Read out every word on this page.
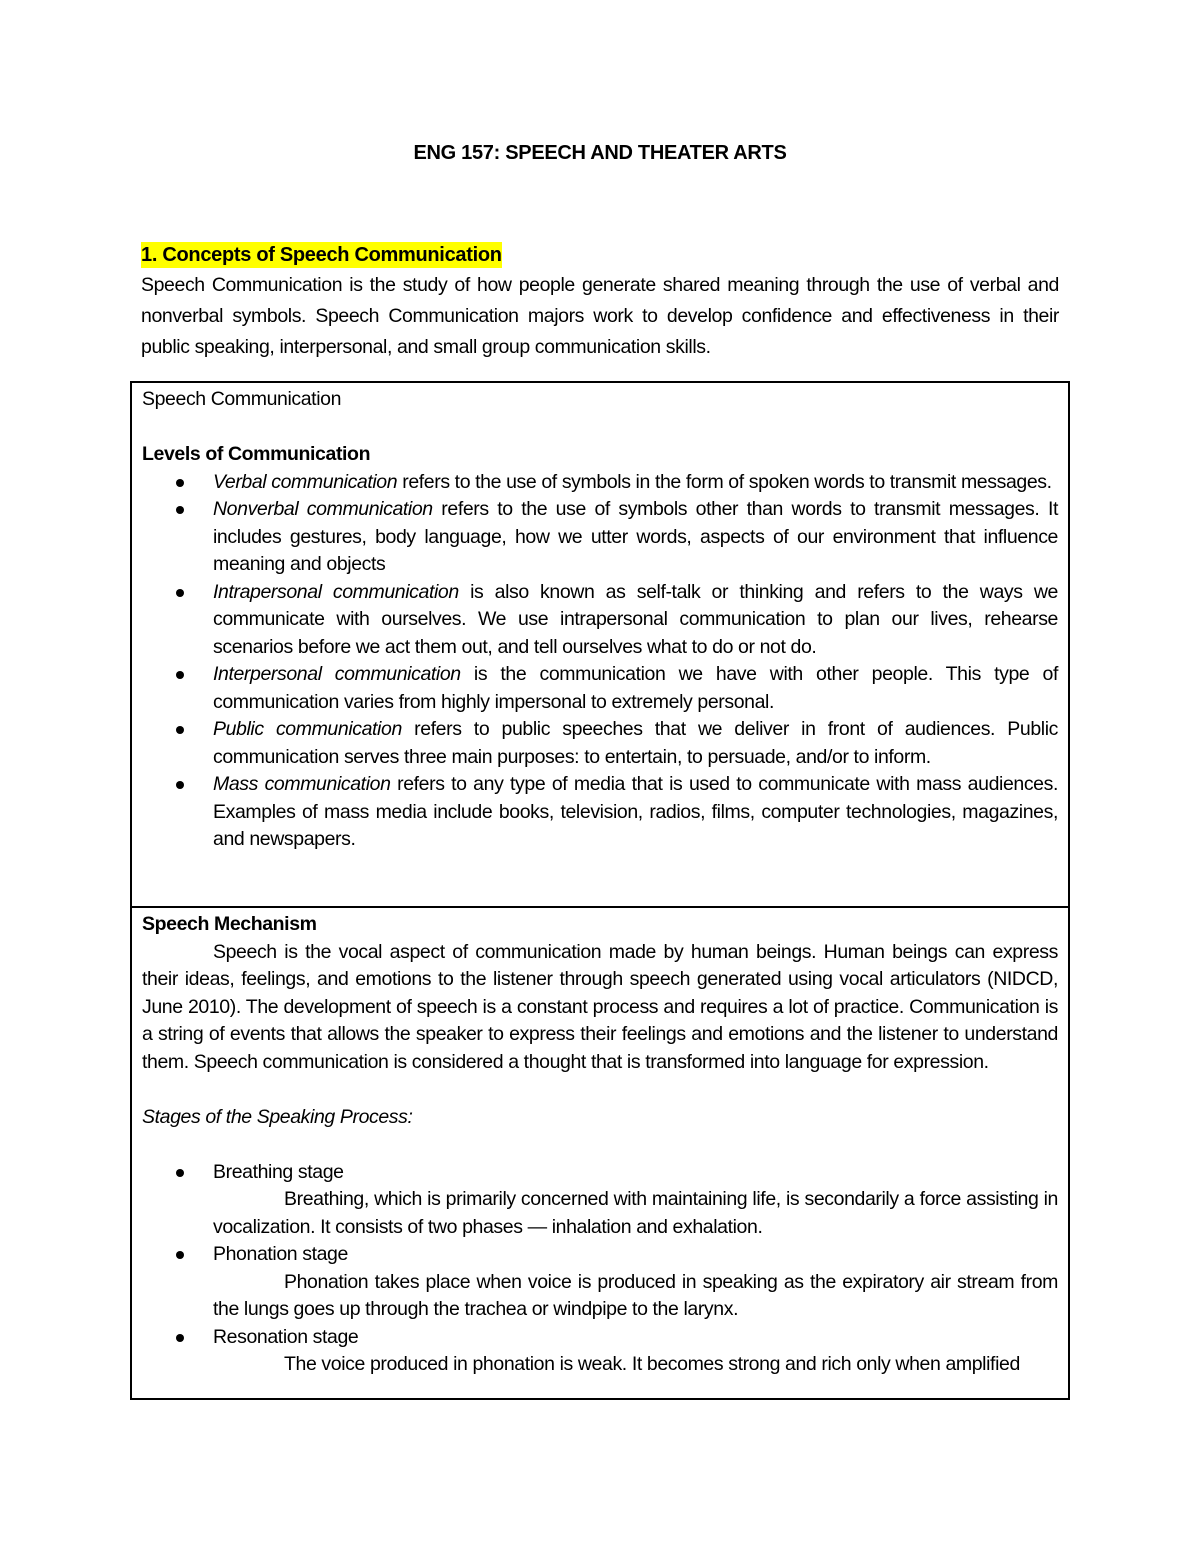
ENG 157: SPEECH AND THEATER ARTS
1. Concepts of Speech Communication

Speech Communication is the study of how people generate shared meaning through the use of verbal and nonverbal symbols. Speech Communication majors work to develop confidence and effectiveness in their public speaking, interpersonal, and small group communication skills.

Speech Communication

Levels of Communication

Verbal communication refers to the use of symbols in the form of spoken words to transmit messages.
Nonverbal communication refers to the use of symbols other than words to transmit messages. It includes gestures, body language, how we utter words, aspects of our environment that influence meaning and objects
Intrapersonal communication is also known as self-talk or thinking and refers to the ways we communicate with ourselves. We use intrapersonal communication to plan our lives, rehearse scenarios before we act them out, and tell ourselves what to do or not do.
Interpersonal communication is the communication we have with other people. This type of communication varies from highly impersonal to extremely personal.
Public communication refers to public speeches that we deliver in front of audiences. Public communication serves three main purposes: to entertain, to persuade, and/or to inform.
Mass communication refers to any type of media that is used to communicate with mass audiences. Examples of mass media include books, television, radios, films, computer technologies, magazines, and newspapers.

Speech Mechanism

Speech is the vocal aspect of communication made by human beings. Human beings can express their ideas, feelings, and emotions to the listener through speech generated using vocal articulators (NIDCD, June 2010). The development of speech is a constant process and requires a lot of practice. Communication is a string of events that allows the speaker to express their feelings and emotions and the listener to understand them. Speech communication is considered a thought that is transformed into language for expression.

Stages of the Speaking Process:

Breathing stage
Breathing, which is primarily concerned with maintaining life, is secondarily a force assisting in vocalization. It consists of two phases — inhalation and exhalation.
Phonation stage
Phonation takes place when voice is produced in speaking as the expiratory air stream from the lungs goes up through the trachea or windpipe to the larynx.
Resonation stage
The voice produced in phonation is weak. It becomes strong and rich only when amplified
